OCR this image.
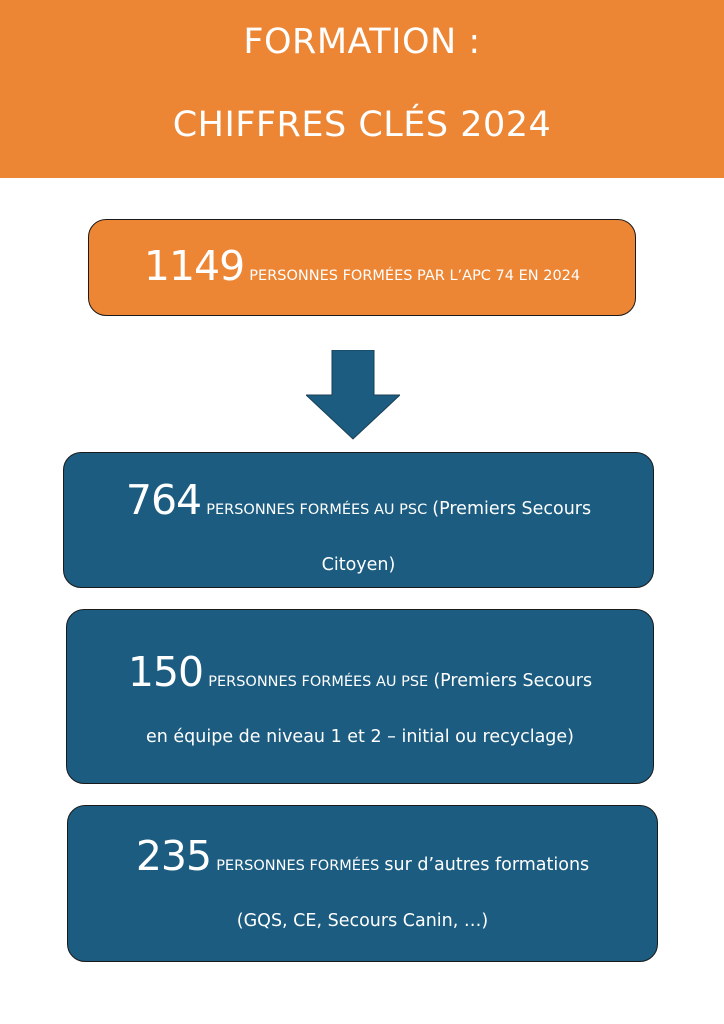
FORMATION :
CHIFFRES CLÉS 2024
1149 PERSONNES FORMÉES PAR L’APC 74 EN 2024
764 PERSONNES FORMÉES AU PSC (Premiers Secours
Citoyen)
150 PERSONNES FORMÉES AU PSE (Premiers Secours
en équipe de niveau 1 et 2 – initial ou recyclage)
235 PERSONNES FORMÉES sur d’autres formations
(GQS, CE, Secours Canin, …)
